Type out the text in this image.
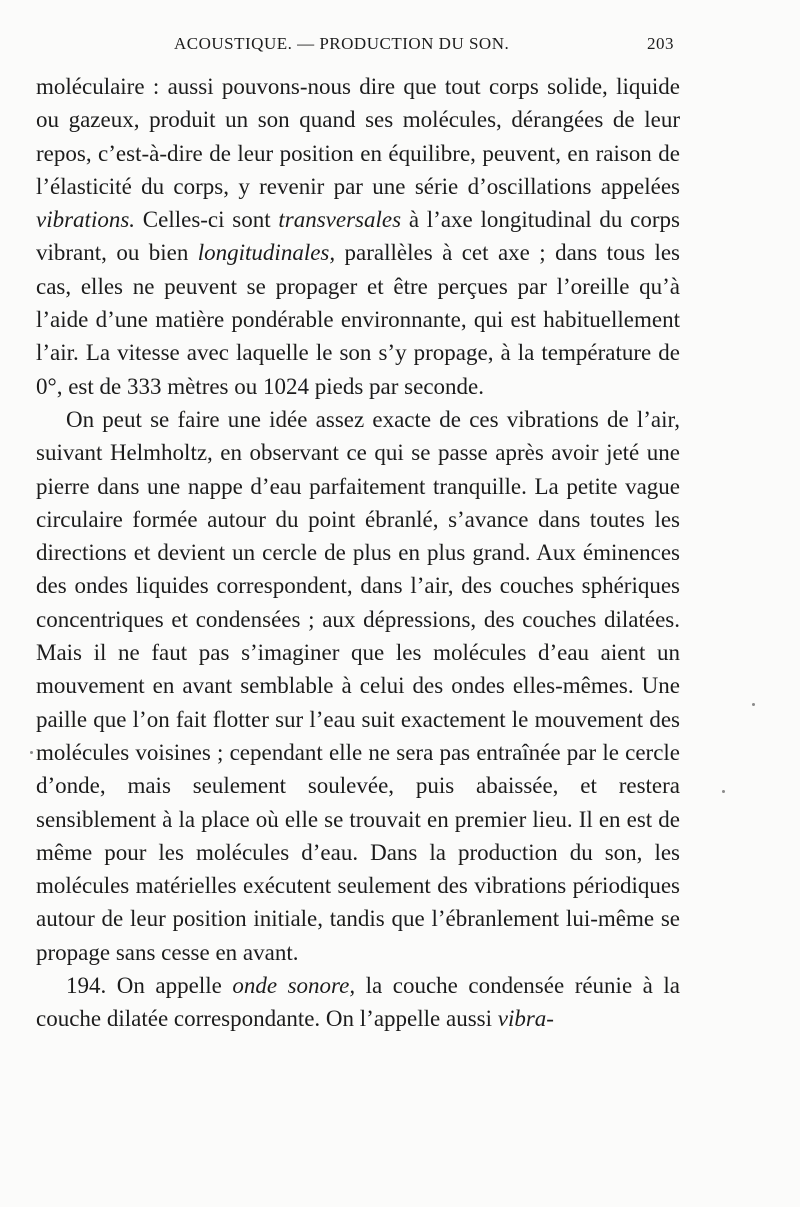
ACOUSTIQUE. — PRODUCTION DU SON.	203

moléculaire : aussi pouvons-nous dire que tout corps solide, liquide ou gazeux, produit un son quand ses molécules, dérangées de leur repos, c’est-à-dire de leur position en équilibre, peuvent, en raison de l’élasticité du corps, y revenir par une série d’oscillations appelées vibrations. Celles-ci sont transversales à l’axe longitudinal du corps vibrant, ou bien longitudinales, parallèles à cet axe ; dans tous les cas, elles ne peuvent se propager et être perçues par l’oreille qu’à l’aide d’une matière pondérable environnante, qui est habituellement l’air. La vitesse avec laquelle le son s’y propage, à la température de 0°, est de 333 mètres ou 1024 pieds par seconde.

On peut se faire une idée assez exacte de ces vibrations de l’air, suivant Helmholtz, en observant ce qui se passe après avoir jeté une pierre dans une nappe d’eau parfaitement tranquille. La petite vague circulaire formée autour du point ébranlé, s’avance dans toutes les directions et devient un cercle de plus en plus grand. Aux éminences des ondes liquides correspondent, dans l’air, des couches sphériques concentriques et condensées ; aux dépressions, des couches dilatées. Mais il ne faut pas s’imaginer que les molécules d’eau aient un mouvement en avant semblable à celui des ondes elles-mêmes. Une paille que l’on fait flotter sur l’eau suit exactement le mouvement des molécules voisines ; cependant elle ne sera pas entraînée par le cercle d’onde, mais seulement soulevée, puis abaissée, et restera sensiblement à la place où elle se trouvait en premier lieu. Il en est de même pour les molécules d’eau. Dans la production du son, les molécules matérielles exécutent seulement des vibrations périodiques autour de leur position initiale, tandis que l’ébranlement lui-même se propage sans cesse en avant.

194. On appelle onde sonore, la couche condensée réunie à la couche dilatée correspondante. On l’appelle aussi vibra-
